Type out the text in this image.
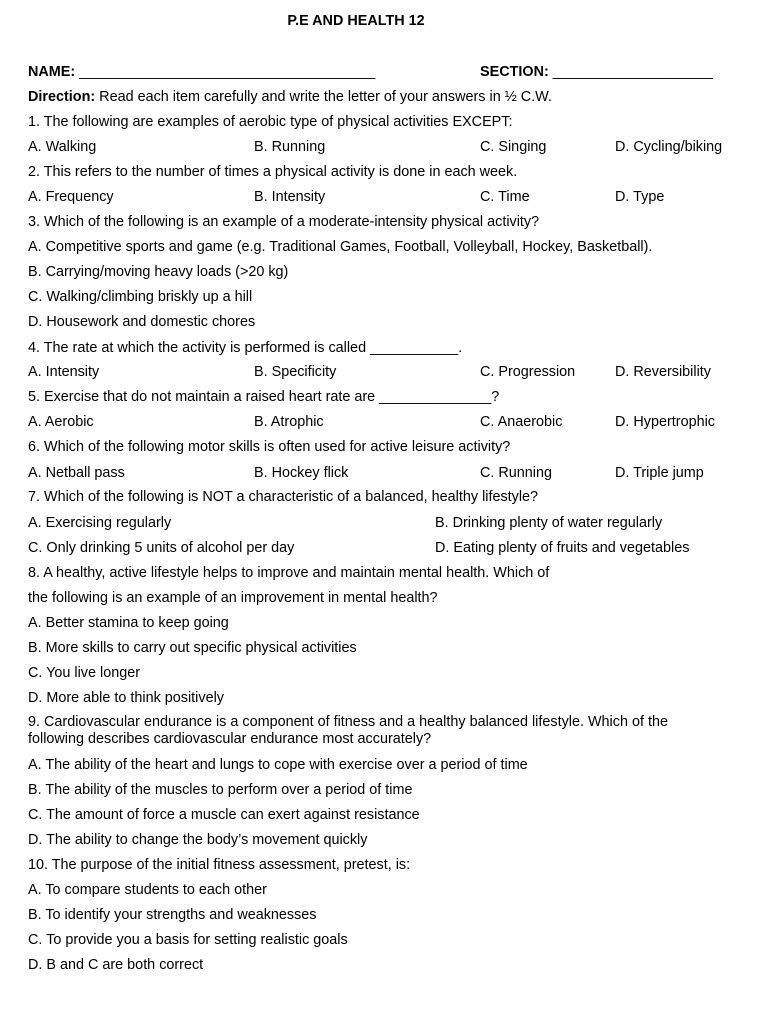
P.E AND HEALTH 12
NAME: _____________________________________	SECTION: ____________________
Direction: Read each item carefully and write the letter of your answers in ½ C.W.
1. The following are examples of aerobic type of physical activities EXCEPT:
A. Walking	B. Running	C. Singing	D. Cycling/biking
2. This refers to the number of times a physical activity is done in each week.
A. Frequency	B. Intensity	C. Time	D. Type
3. Which of the following is an example of a moderate-intensity physical activity?
A. Competitive sports and game (e.g. Traditional Games, Football, Volleyball, Hockey, Basketball).
B. Carrying/moving heavy loads (>20 kg)
C. Walking/climbing briskly up a hill
D. Housework and domestic chores
4. The rate at which the activity is performed is called ___________.
A. Intensity	B. Specificity	C. Progression	D. Reversibility
5. Exercise that do not maintain a raised heart rate are ______________?
A. Aerobic	B. Atrophic	C. Anaerobic	D. Hypertrophic
6. Which of the following motor skills is often used for active leisure activity?
A. Netball pass	B. Hockey flick	C. Running	D. Triple jump
7. Which of the following is NOT a characteristic of a balanced, healthy lifestyle?
A. Exercising regularly	B. Drinking plenty of water regularly
C. Only drinking 5 units of alcohol per day	D. Eating plenty of fruits and vegetables
8. A healthy, active lifestyle helps to improve and maintain mental health. Which of
the following is an example of an improvement in mental health?
A. Better stamina to keep going
B. More skills to carry out specific physical activities
C. You live longer
D. More able to think positively
9. Cardiovascular endurance is a component of fitness and a healthy balanced lifestyle. Which of the following describes cardiovascular endurance most accurately?
A. The ability of the heart and lungs to cope with exercise over a period of time
B. The ability of the muscles to perform over a period of time
C. The amount of force a muscle can exert against resistance
D. The ability to change the body’s movement quickly
10. The purpose of the initial fitness assessment, pretest, is:
A. To compare students to each other
B. To identify your strengths and weaknesses
C. To provide you a basis for setting realistic goals
D. B and C are both correct
